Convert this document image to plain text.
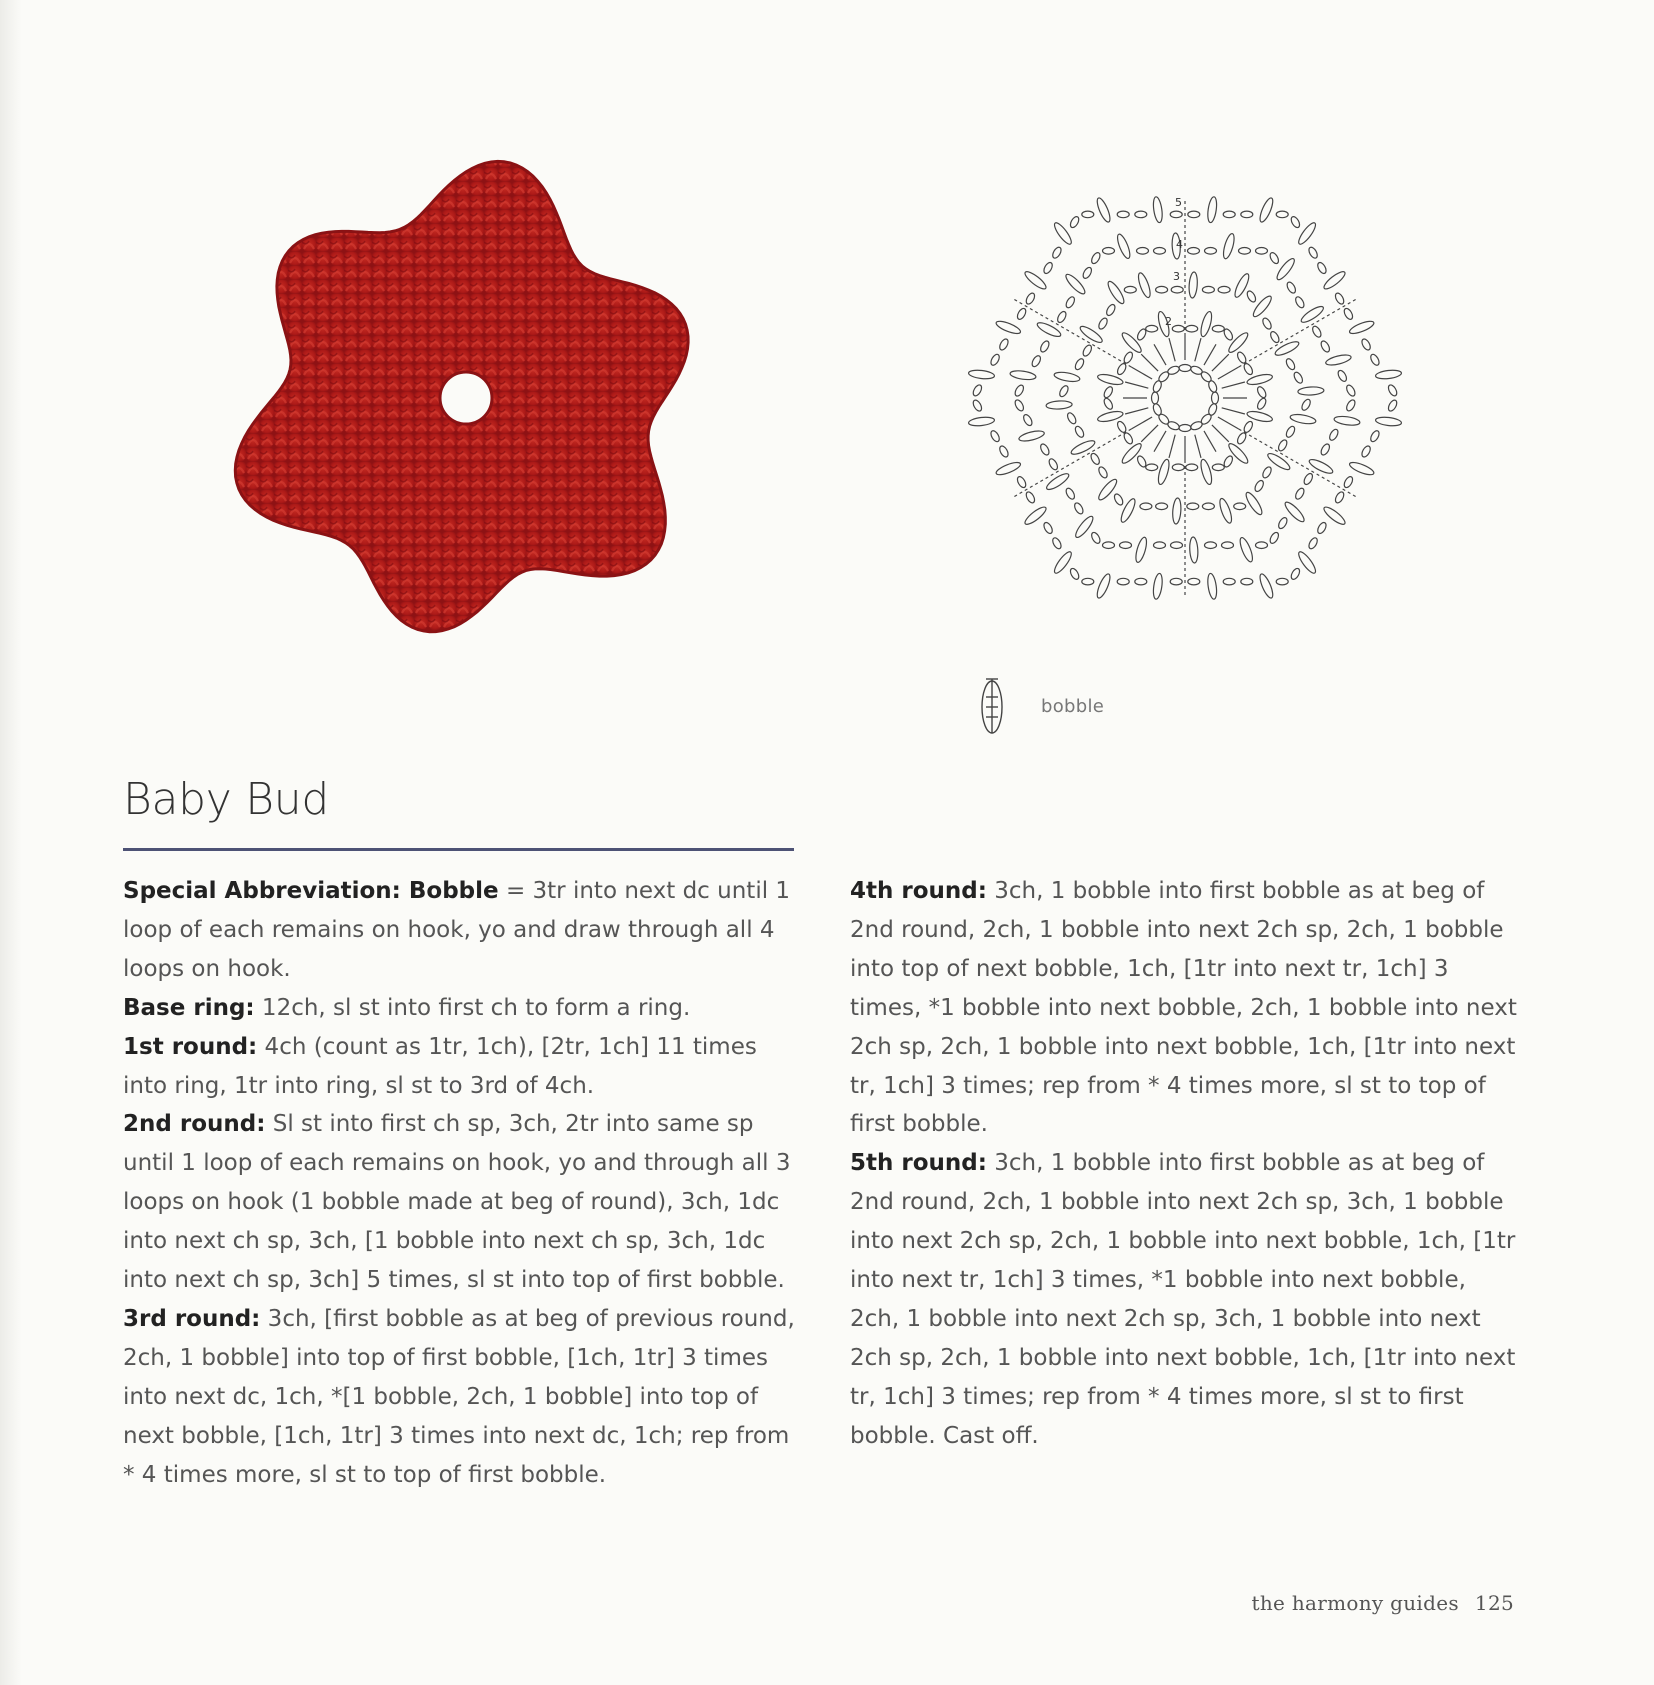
2
3
4
5
bobble
Baby Bud

Special Abbreviation: Bobble = 3tr into next dc until 1 loop of each remains on hook, yo and draw through all 4 loops on hook.

Base ring: 12ch, sl st into first ch to form a ring.

1st round: 4ch (count as 1tr, 1ch), [2tr, 1ch] 11 times into ring, 1tr into ring, sl st to 3rd of 4ch.

2nd round: Sl st into first ch sp, 3ch, 2tr into same sp until 1 loop of each remains on hook, yo and through all 3 loops on hook (1 bobble made at beg of round), 3ch, 1dc into next ch sp, 3ch, [1 bobble into next ch sp, 3ch, 1dc into next ch sp, 3ch] 5 times, sl st into top of first bobble.

3rd round: 3ch, [first bobble as at beg of previous round, 2ch, 1 bobble] into top of first bobble, [1ch, 1tr] 3 times into next dc, 1ch, *[1 bobble, 2ch, 1 bobble] into top of next bobble, [1ch, 1tr] 3 times into next dc, 1ch; rep from * 4 times more, sl st to top of first bobble.

4th round: 3ch, 1 bobble into first bobble as at beg of 2nd round, 2ch, 1 bobble into next 2ch sp, 2ch, 1 bobble into top of next bobble, 1ch, [1tr into next tr, 1ch] 3 times, *1 bobble into next bobble, 2ch, 1 bobble into next 2ch sp, 2ch, 1 bobble into next bobble, 1ch, [1tr into next tr, 1ch] 3 times; rep from * 4 times more, sl st to top of first bobble.

5th round: 3ch, 1 bobble into first bobble as at beg of 2nd round, 2ch, 1 bobble into next 2ch sp, 3ch, 1 bobble into next 2ch sp, 2ch, 1 bobble into next bobble, 1ch, [1tr into next tr, 1ch] 3 times, *1 bobble into next bobble, 2ch, 1 bobble into next 2ch sp, 3ch, 1 bobble into next 2ch sp, 2ch, 1 bobble into next bobble, 1ch, [1tr into next tr, 1ch] 3 times; rep from * 4 times more, sl st to first bobble. Cast off.

the harmony guides 125
